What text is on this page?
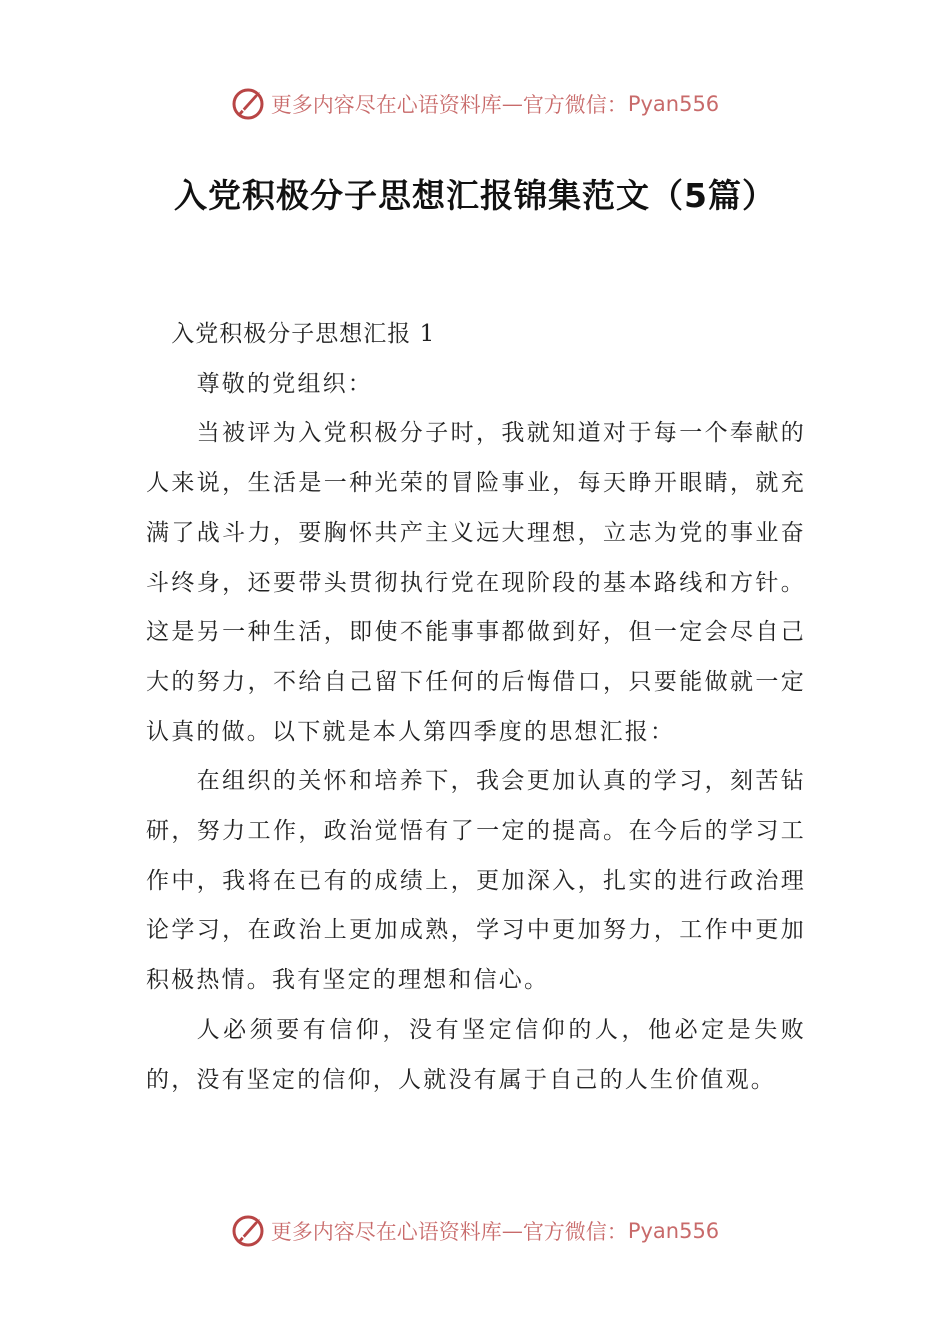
更多内容尽在心语资料库 — 官方微信： Pyan556
入党积极分子思想汇报锦集范文（5篇）

入党积极分子思想汇报 1

尊敬的党组织：

当被评为入党积极分子时，我就知道对于每一个奉献的人来说，生活是一种光荣的冒险事业，每天睁开眼睛，就充满了战斗力，要胸怀共产主义远大理想，立志为党的事业奋斗终身，还要带头贯彻执行党在现阶段的基本路线和方针。这是另一种生活，即使不能事事都做到好，但一定会尽自己大的努力，不给自己留下任何的后悔借口，只要能做就一定认真的做。以下就是本人第四季度的思想汇报：

在组织的关怀和培养下，我会更加认真的学习，刻苦钻研，努力工作，政治觉悟有了一定的提高。在今后的学习工作中，我将在已有的成绩上，更加深入，扎实的进行政治理论学习，在政治上更加成熟，学习中更加努力，工作中更加积极热情。我有坚定的理想和信心。

人必须要有信仰，没有坚定信仰的人，他必定是失败的，没有坚定的信仰，人就没有属于自己的人生价值观。

更多内容尽在心语资料库 — 官方微信： Pyan556
